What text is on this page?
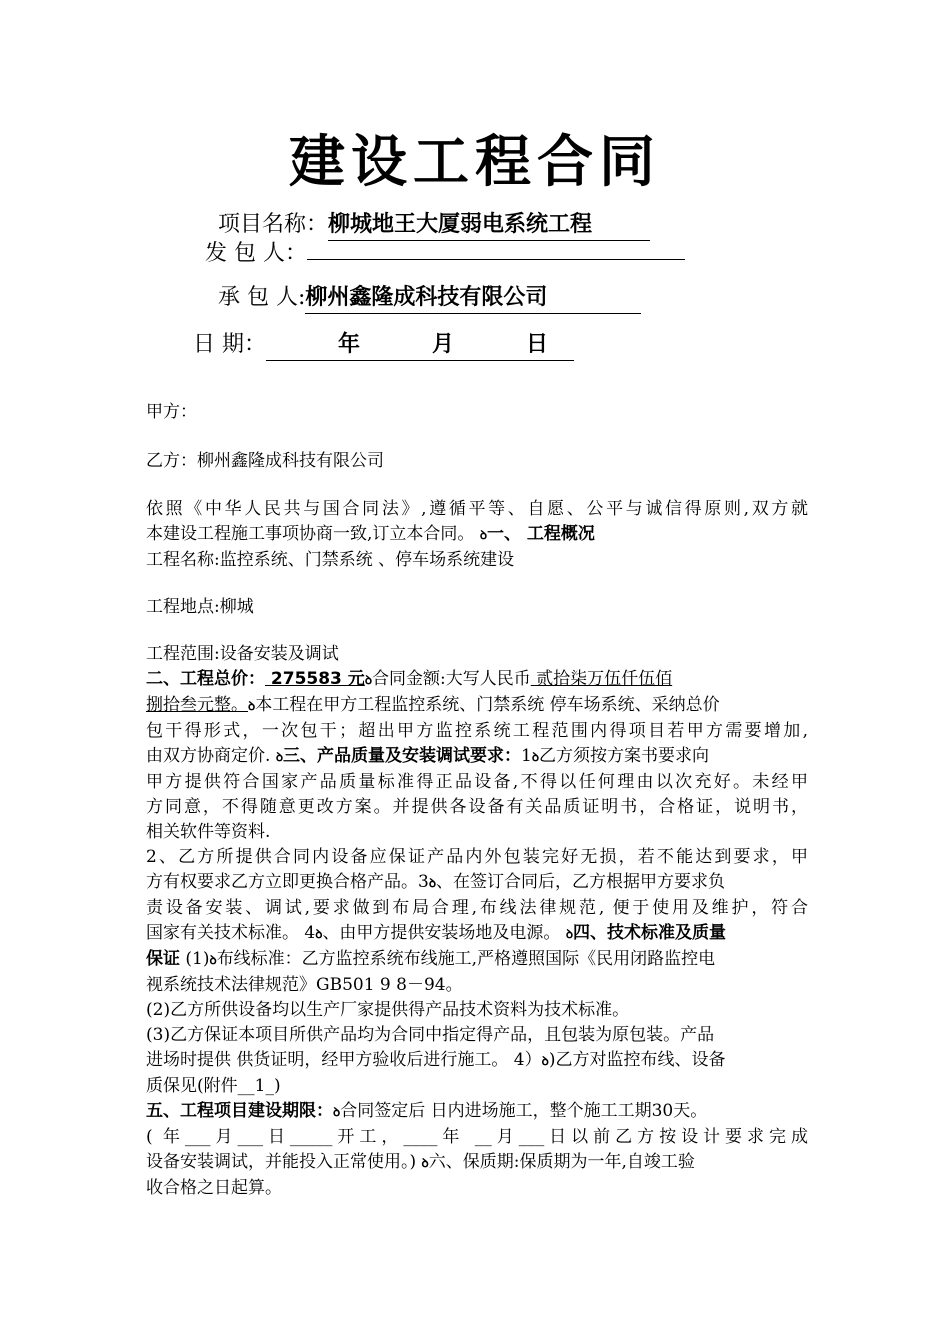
建设工程合同
项目名称：柳城地王大厦弱电系统工程
发 包 人：
承 包 人:柳州鑫隆成科技有限公司
日 期：	年	月	日
甲方：
乙方：柳州鑫隆成科技有限公司
依照《中华人民共与国合同法》,遵循平等、自愿、公平与诚信得原则,双方就
本建设工程施工事项协商一致,订立本合同。 ꝺ一、 工程概况
工程名称:监控系统、门禁系统 、停车场系统建设
工程地点:柳城
工程范围:设备安装及调试
二、工程总价： 275583 元ꝺ合同金额:大写人民币 贰拾柒万伍仟伍佰
捌拾叁元整。ꝺ本工程在甲方工程监控系统、门禁系统 停车场系统、采纳总价
包干得形式，一次包干；超出甲方监控系统工程范围内得项目若甲方需要增加,
由双方协商定价. ꝺ三、产品质量及安装调试要求：1ꝺ乙方须按方案书要求向
甲方提供符合国家产品质量标准得正品设备,不得以任何理由以次充好。未经甲
方同意，不得随意更改方案。并提供各设备有关品质证明书，合格证，说明书，
相关软件等资料.
2、乙方所提供合同内设备应保证产品内外包装完好无损，若不能达到要求，甲
方有权要求乙方立即更换合格产品。3ꝺ、在签订合同后，乙方根据甲方要求负
责设备安装、调试,要求做到布局合理,布线法律规范, 便于使用及维护，符合
国家有关技术标准。 4ꝺ、由甲方提供安装场地及电源。 ꝺ四、技术标准及质量
保证 (1)ꝺ布线标准：乙方监控系统布线施工,严格遵照国际《民用闭路监控电
视系统技术法律规范》GB501 9 8－94。
(2)乙方所供设备均以生产厂家提供得产品技术资料为技术标准。
(3)乙方保证本项目所供产品均为合同中指定得产品，且包装为原包装。产品
进场时提供 供货证明，经甲方验收后进行施工。 4）ꝺ)乙方对监控布线、设备
质保见(附件__1_)
五、工程项目建设期限：ꝺ合同签定后 日内进场施工，整个施工工期30天。
( 年___月___日_____开工，____年 __月___日以前乙方按设计要求完成
设备安装调试，并能投入正常使用。) ꝺ六、保质期:保质期为一年,自竣工验
收合格之日起算。
